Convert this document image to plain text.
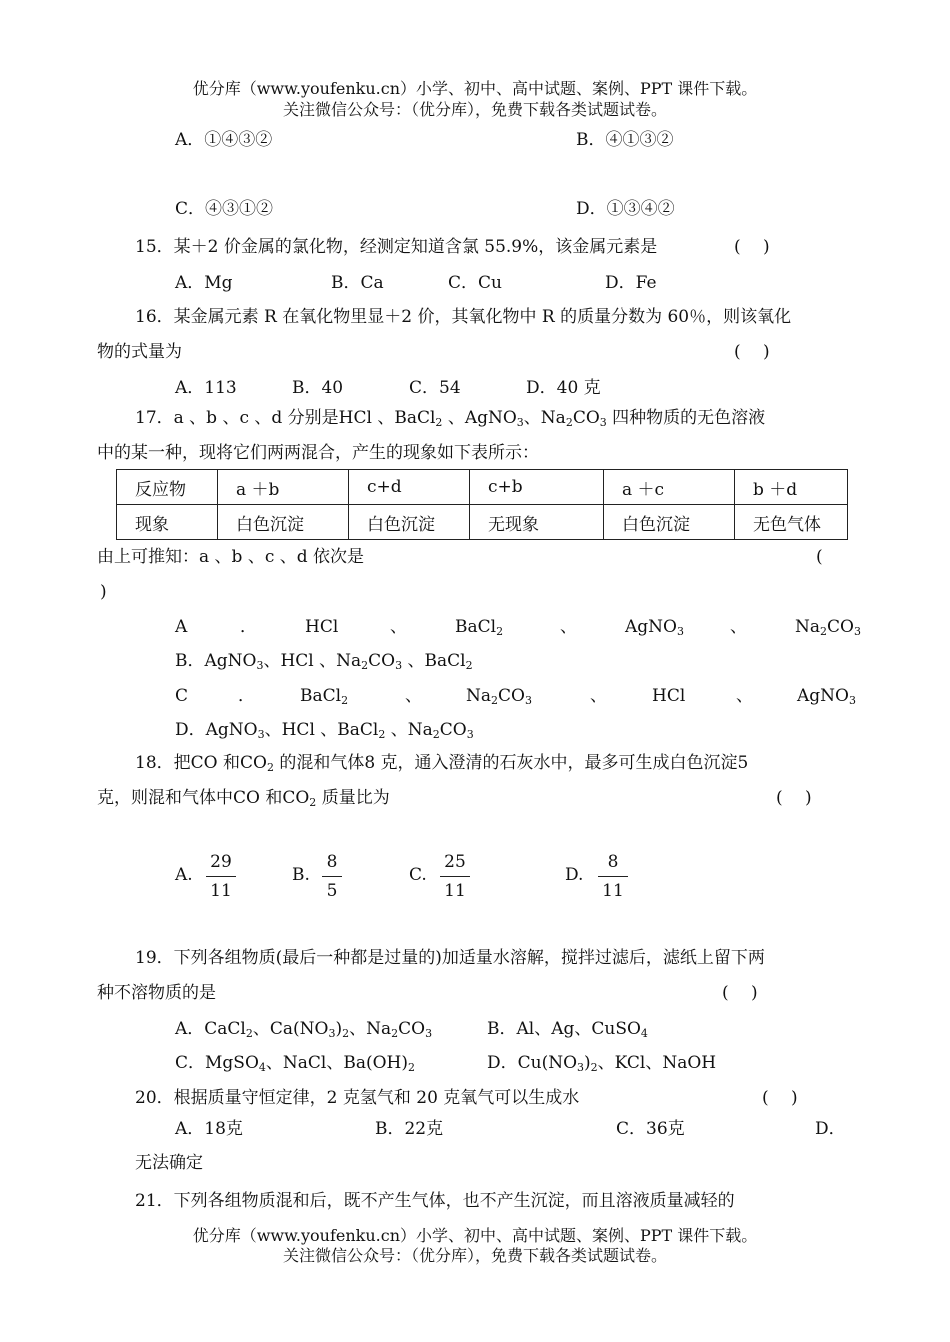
优分库（www.youfenku.cn）小学、初中、高中试题、案例、PPT 课件下载。
关注微信公众号：（优分库），免费下载各类试题试卷。
A．①④③②	B．④①③②
C．④③①②	D．①③④②
15．某＋2 价金属的氯化物，经测定知道含氯 55.9%，该金属元素是	(　 )
A．Mg	B．Ca	C．Cu	D．Fe
16．某金属元素 R 在氧化物里显＋2 价，其氧化物中 R 的质量分数为 60％，则该氧化
物的式量为	(　 )
A．113	B．40	C．54	D．40 克
17．a 、b 、c 、d 分别是HCl 、BaCl$_2$ 、AgNO$_3$、$Na_2CO_3$ 四种物质的无色溶液
中的某一种，现将它们两两混合，产生的现象如下表所示：
反应物	a ＋b	c+d	c+b	a ＋c	b ＋d
现象	白色沉淀	白色沉淀	无现象	白色沉淀	无色气体
由上可推知：a 、b 、c 、d 依次是	(
)
A	．	HCl	、	BaCl$_2$	、	AgNO$_3$	、	$Na_2CO_3$
B．AgNO$_3$、HCl 、$Na_2CO_3$ 、BaCl$_2$
C	．	BaCl$_2$	、	$Na_2CO_3$	、	HCl	、	AgNO$_3$
D．AgNO$_3$、HCl 、BaCl$_2$ 、$Na_2CO_3$
18．把CO 和$CO_2$ 的混和气体8 克，通入澄清的石灰水中，最多可生成白色沉淀5
克，则混和气体中CO 和$CO_2$ 质量比为	(　 )
A.
29
11
B.
8
5
C.
25
11
D.
8
11
19．下列各组物质(最后一种都是过量的)加适量水溶解，搅拌过滤后，滤纸上留下两
种不溶物质的是	(　 )
A．CaCl$_2$、$Ca(NO_3)_2$、$Na_2CO_3$	B．Al、Ag、CuSO$_4$
C．MgSO$_4$、NaCl、$Ba(OH)_2$	D．$Cu(NO_3)_2$、KCl、NaOH
20．根据质量守恒定律，2 克氢气和 20 克氧气可以生成水	(　 )
A．18克	B．22克	C．36克	D．
无法确定
21．下列各组物质混和后，既不产生气体，也不产生沉淀，而且溶液质量减轻的
优分库（www.youfenku.cn）小学、初中、高中试题、案例、PPT 课件下载。
关注微信公众号：（优分库），免费下载各类试题试卷。
